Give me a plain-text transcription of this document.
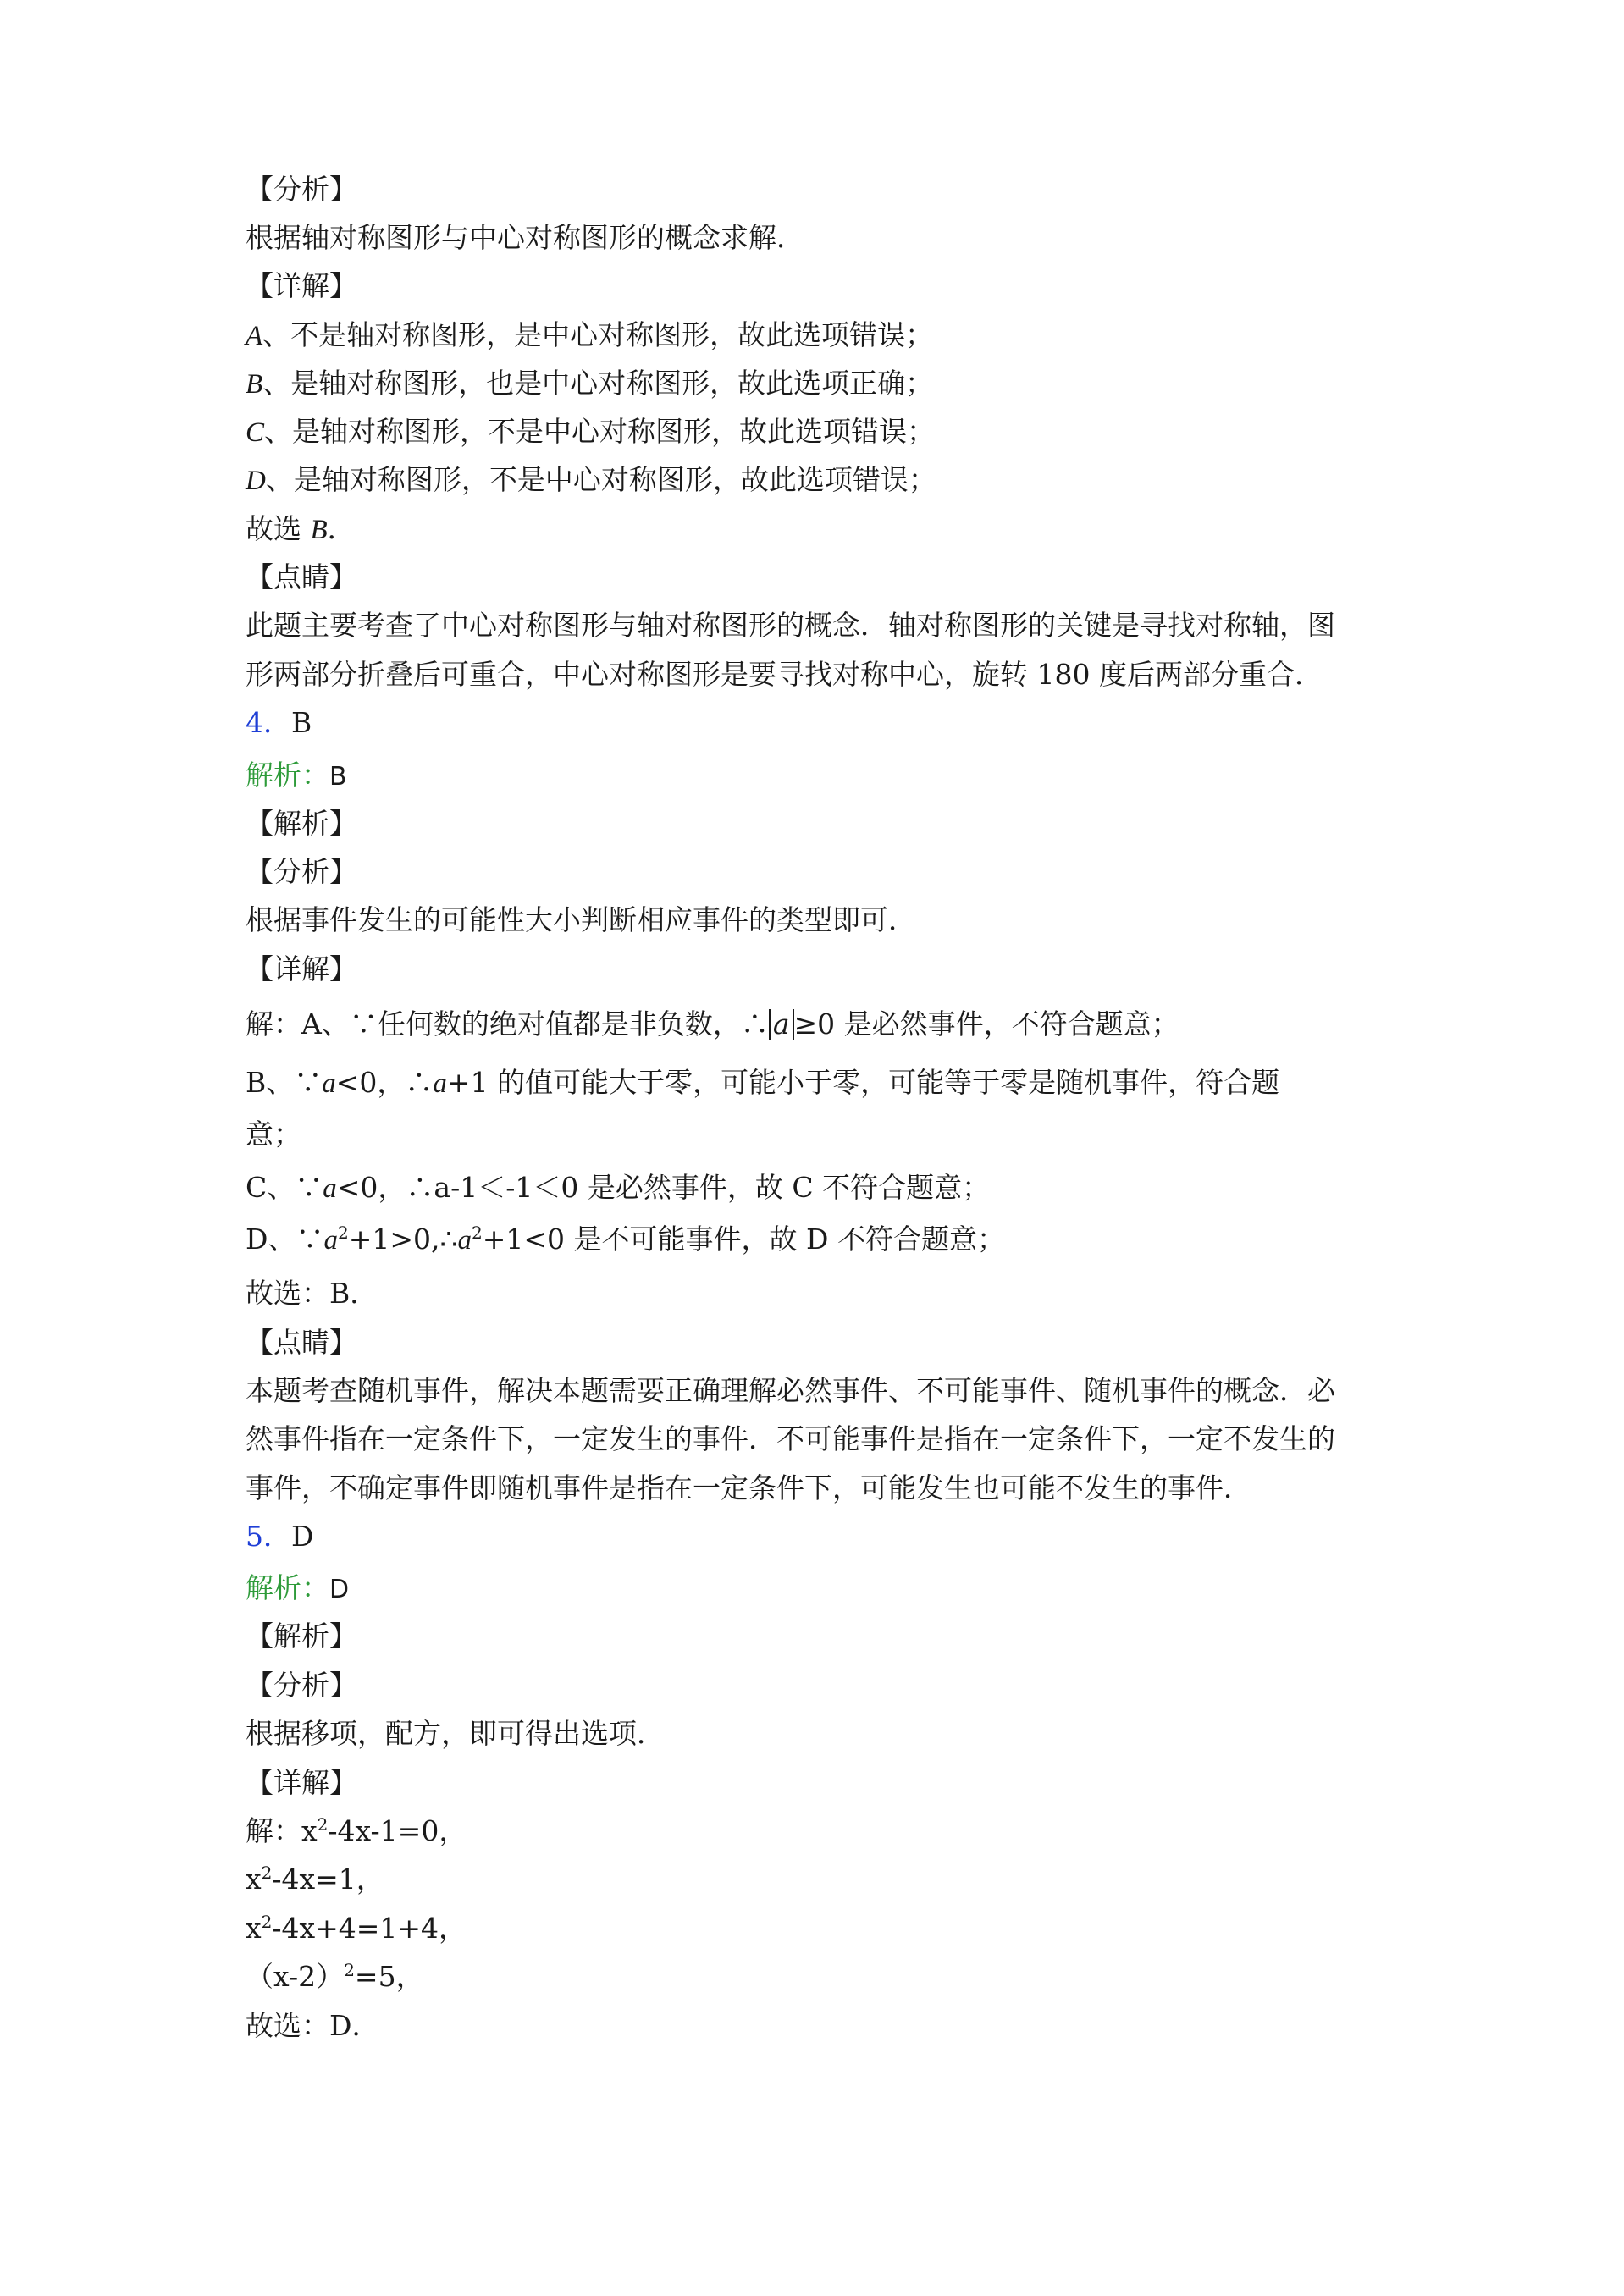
【分析】
根据轴对称图形与中心对称图形的概念求解．
【详解】
A、不是轴对称图形，是中心对称图形，故此选项错误；
B、是轴对称图形，也是中心对称图形，故此选项正确；
C、是轴对称图形，不是中心对称图形，故此选项错误；
D、是轴对称图形，不是中心对称图形，故此选项错误；
故选 B．
【点睛】
此题主要考查了中心对称图形与轴对称图形的概念．轴对称图形的关键是寻找对称轴，图
形两部分折叠后可重合，中心对称图形是要寻找对称中心，旋转 180 度后两部分重合．
4．B
解析：B
【解析】
【分析】
根据事件发生的可能性大小判断相应事件的类型即可．
【详解】
解：A、∵任何数的绝对值都是非负数，∴ a ≥0 是必然事件，不符合题意；
B、∵a<0，∴a+1 的值可能大于零，可能小于零，可能等于零是随机事件，符合题
意；
C、∵a<0，∴a-1＜-1＜0 是必然事件，故 C 不符合题意；
D、$\because a^2+1>0,\therefore a^2+1<0$ 是不可能事件，故 D 不符合题意；
故选：B．
【点睛】
本题考查随机事件，解决本题需要正确理解必然事件、不可能事件、随机事件的概念．必
然事件指在一定条件下，一定发生的事件．不可能事件是指在一定条件下，一定不发生的
事件，不确定事件即随机事件是指在一定条件下，可能发生也可能不发生的事件．
5．D
解析：D
【解析】
【分析】
根据移项，配方，即可得出选项．
【详解】
解：$x^2-4x-1=0$，
$x^2-4x=1$，
$x^2-4x+4=1+4$，
$(x-2)^2=5$，
故选：D．
